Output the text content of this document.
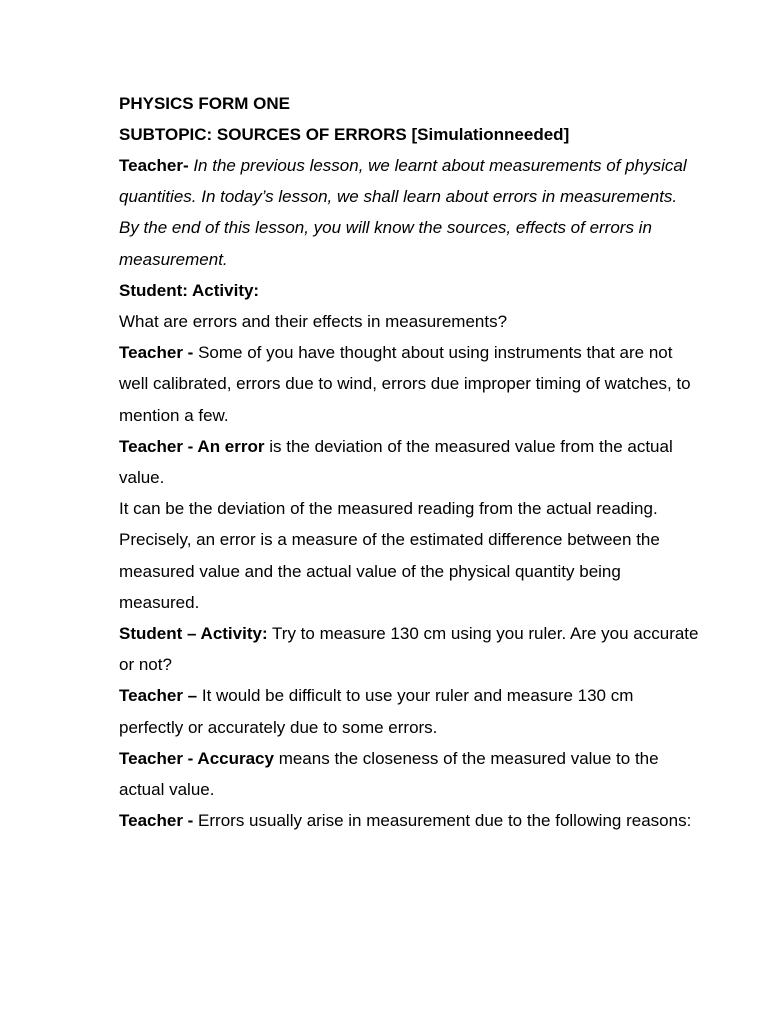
PHYSICS FORM ONE

SUBTOPIC: SOURCES OF ERRORS [Simulationneeded]

Teacher- In the previous lesson, we learnt about measurements of physical quantities. In today’s lesson, we shall learn about errors in measurements. By the end of this lesson, you will know the sources, effects of errors in measurement.

Student: Activity:

What are errors and their effects in measurements?

Teacher - Some of you have thought about using instruments that are not well calibrated, errors due to wind, errors due improper timing of watches, to mention a few.

Teacher - An error is the deviation of the measured value from the actual value.

It can be the deviation of the measured reading from the actual reading. Precisely, an error is a measure of the estimated difference between the measured value and the actual value of the physical quantity being measured.

Student – Activity: Try to measure 130 cm using you ruler. Are you accurate or not?

Teacher – It would be difficult to use your ruler and measure 130 cm perfectly or accurately due to some errors.

Teacher - Accuracy means the closeness of the measured value to the actual value.

Teacher - Errors usually arise in measurement due to the following reasons:
